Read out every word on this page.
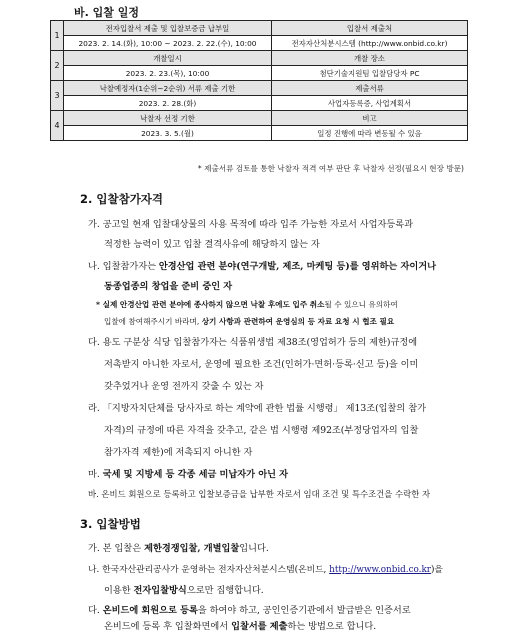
바. 입찰 일정
1	전자입찰서 제출 및 입찰보증금 납부일	입찰서 제출처
	2023. 2. 14.(화), 10:00 ~ 2023. 2. 22.(수), 10:00	전자자산처분시스템 (http://www.onbid.co.kr)
2	개찰일시	개찰 장소
	2023. 2. 23.(목), 10:00	첨단기술지원팀 입찰담당자 PC
3	낙찰예정자(1순위~2순위) 서류 제출 기한	제출서류
	2023. 2. 28.(화)	사업자등록증, 사업계획서
4	낙찰자 선정 기한	비고
	2023. 3. 5.(월)	일정 진행에 따라 변동될 수 있음
* 제출서류 검토를 통한 낙찰자 적격 여부 판단 후 낙찰자 선정(필요시 현장 방문)
2. 입찰참가자격
가. 공고일 현재 입찰대상물의 사용 목적에 따라 입주 가능한 자로서 사업자등록과
적정한 능력이 있고 입찰 결격사유에 해당하지 않는 자
나. 입찰참가자는 안경산업 관련 분야(연구개발, 제조, 마케팅 등)를 영위하는 자이거나
동종업종의 창업을 준비 중인 자
* 실제 안경산업 관련 분야에 종사하지 않으면 낙찰 후에도 입주 취소될 수 있으니 유의하여
입찰에 참여해주시기 바라며, 상기 사항과 관련하여 운영심의 등 자료 요청 시 협조 필요
다. 용도 구분상 식당 입찰참가자는 식품위생법 제38조(영업허가 등의 제한)규정에
저촉받지 아니한 자로서, 운영에 필요한 조건(인허가·면허·등록·신고 등)을 이미
갖추었거나 운영 전까지 갖출 수 있는 자
라. 「지방자치단체를 당사자로 하는 계약에 관한 법률 시행령」 제13조(입찰의 참가
자격)의 규정에 따른 자격을 갖추고, 같은 법 시행령 제92조(부정당업자의 입찰
참가자격 제한)에 저촉되지 아니한 자
마. 국세 및 지방세 등 각종 세금 미납자가 아닌 자
바. 온비드 회원으로 등록하고 입찰보증금을 납부한 자로서 임대 조건 및 특수조건을 수락한 자
3. 입찰방법
가. 본 입찰은 제한경쟁입찰, 개별입찰입니다.
나. 한국자산관리공사가 운영하는 전자자산처분시스템(온비드, http://www.onbid.co.kr)을
이용한 전자입찰방식으로만 집행합니다.
다. 온비드에 회원으로 등록을 하여야 하고, 공인인증기관에서 발급받은 인증서로
온비드에 등록 후 입찰화면에서 입찰서를 제출하는 방법으로 합니다.
